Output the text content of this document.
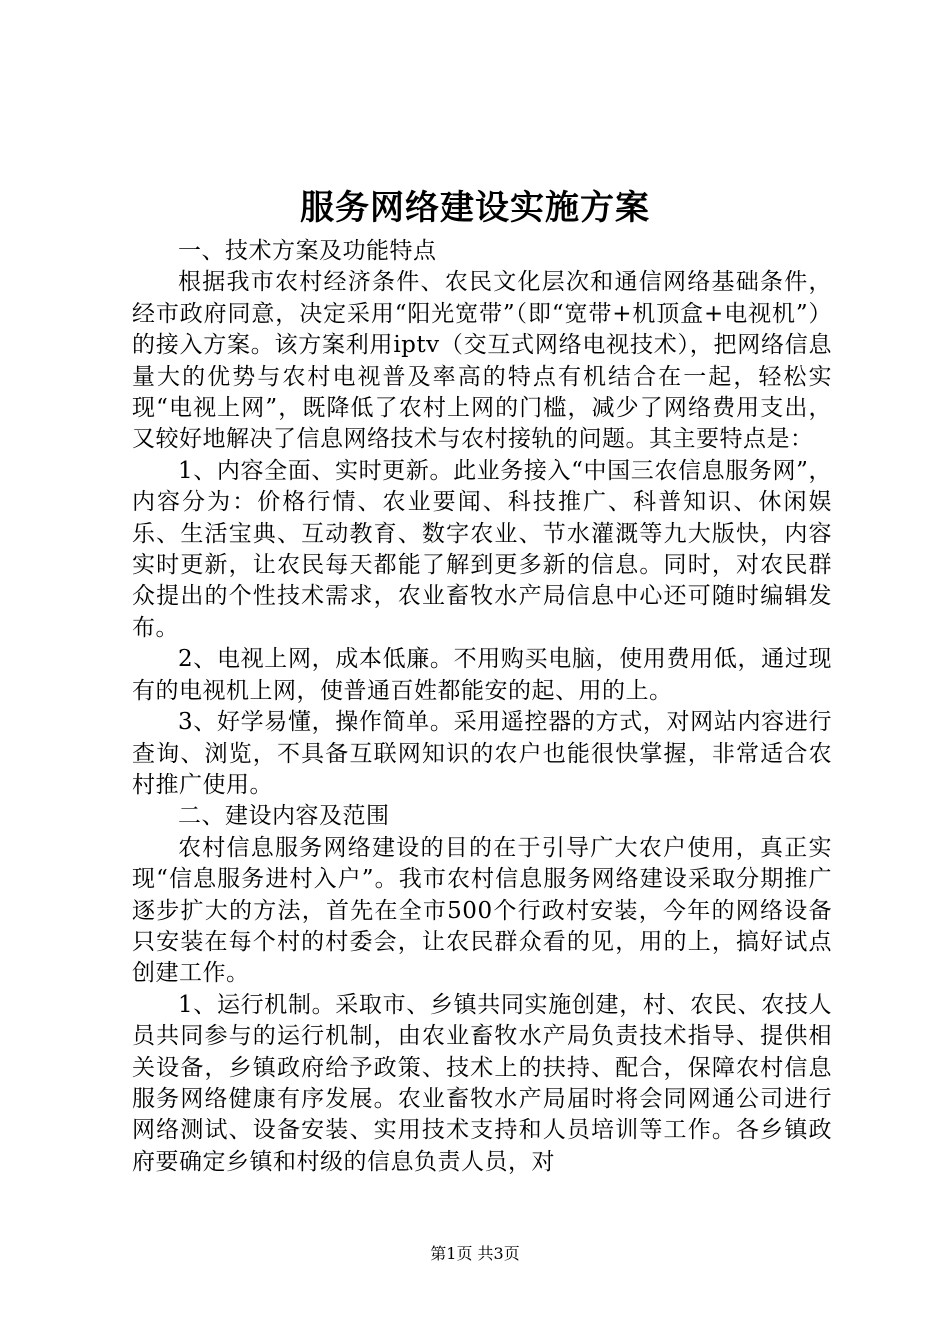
服务网络建设实施方案

一、技术方案及功能特点

根据我市农村经济条件、农民文化层次和通信网络基础条件，经市政府同意，决定采用“阳光宽带”（即“宽带+机顶盒+电视机”）的接入方案。该方案利用iptv（交互式网络电视技术），把网络信息量大的优势与农村电视普及率高的特点有机结合在一起，轻松实现“电视上网”，既降低了农村上网的门槛，减少了网络费用支出，又较好地解决了信息网络技术与农村接轨的问题。其主要特点是：

1、内容全面、实时更新。此业务接入“中国三农信息服务网”，内容分为：价格行情、农业要闻、科技推广、科普知识、休闲娱乐、生活宝典、互动教育、数字农业、节水灌溉等九大版快，内容实时更新，让农民每天都能了解到更多新的信息。同时，对农民群众提出的个性技术需求，农业畜牧水产局信息中心还可随时编辑发布。

2、电视上网，成本低廉。不用购买电脑，使用费用低，通过现有的电视机上网，使普通百姓都能安的起、用的上。

3、好学易懂，操作简单。采用遥控器的方式，对网站内容进行查询、浏览，不具备互联网知识的农户也能很快掌握，非常适合农村推广使用。

二、建设内容及范围

农村信息服务网络建设的目的在于引导广大农户使用，真正实现“信息服务进村入户”。我市农村信息服务网络建设采取分期推广逐步扩大的方法，首先在全市500个行政村安装，今年的网络设备只安装在每个村的村委会，让农民群众看的见，用的上，搞好试点创建工作。

1、运行机制。采取市、乡镇共同实施创建，村、农民、农技人员共同参与的运行机制，由农业畜牧水产局负责技术指导、提供相关设备，乡镇政府给予政策、技术上的扶持、配合，保障农村信息服务网络健康有序发展。农业畜牧水产局届时将会同网通公司进行网络测试、设备安装、实用技术支持和人员培训等工作。各乡镇政府要确定乡镇和村级的信息负责人员，对

第1页 共3页
